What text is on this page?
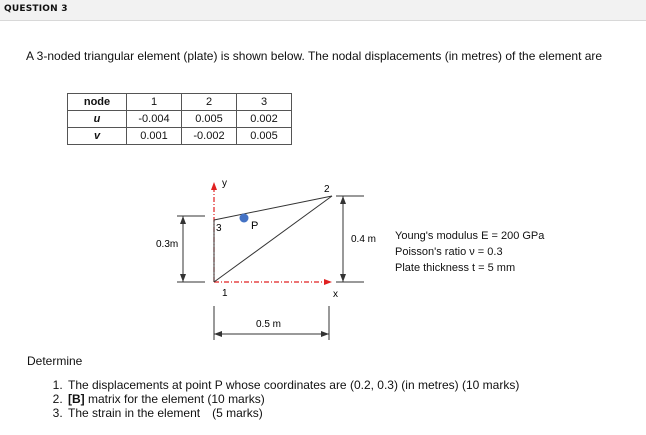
QUESTION 3
A 3-noded triangular element (plate) is shown below. The nodal displacements (in metres) of the element are
node	1	2	3
u	-0.004	0.005	0.002
v	0.001	-0.002	0.005
y
x
1
2
3	P
0.3m	0.4 m
0.5 m
Young's modulus E = 200 GPa
Poisson's ratio ν = 0.3
Plate thickness t = 5 mm
Determine
1. The displacements at point P whose coordinates are (0.2, 0.3) (in metres) (10 marks)
2. [B] matrix for the element (10 marks)
3. The strain in the element (5 marks)
